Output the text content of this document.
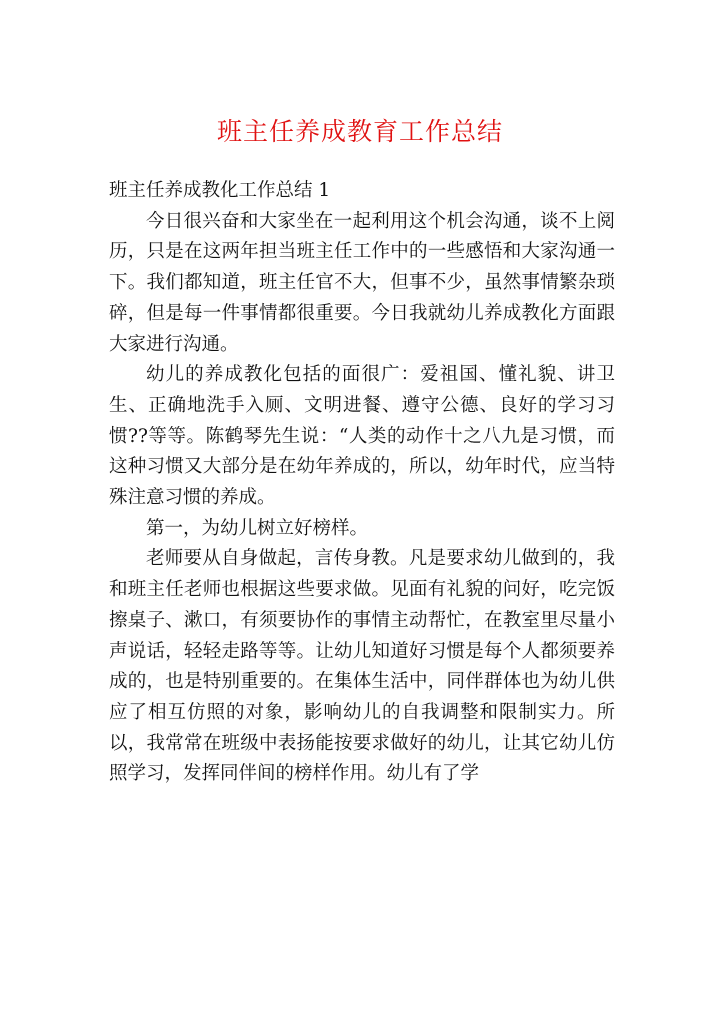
班主任养成教育工作总结

班主任养成教化工作总结 1

今日很兴奋和大家坐在一起利用这个机会沟通，谈不上阅历，只是在这两年担当班主任工作中的一些感悟和大家沟通一下。我们都知道，班主任官不大，但事不少，虽然事情繁杂琐碎，但是每一件事情都很重要。今日我就幼儿养成教化方面跟大家进行沟通。

幼儿的养成教化包括的面很广：爱祖国、懂礼貌、讲卫生、正确地洗手入厕、文明进餐、遵守公德、良好的学习习惯??等等。陈鹤琴先生说：“人类的动作十之八九是习惯，而这种习惯又大部分是在幼年养成的，所以，幼年时代，应当特殊注意习惯的养成。

第一，为幼儿树立好榜样。

老师要从自身做起，言传身教。凡是要求幼儿做到的，我和班主任老师也根据这些要求做。见面有礼貌的问好，吃完饭擦桌子、漱口，有须要协作的事情主动帮忙，在教室里尽量小声说话，轻轻走路等等。让幼儿知道好习惯是每个人都须要养成的，也是特别重要的。在集体生活中，同伴群体也为幼儿供应了相互仿照的对象，影响幼儿的自我调整和限制实力。所以，我常常在班级中表扬能按要求做好的幼儿，让其它幼儿仿照学习，发挥同伴间的榜样作用。幼儿有了学
